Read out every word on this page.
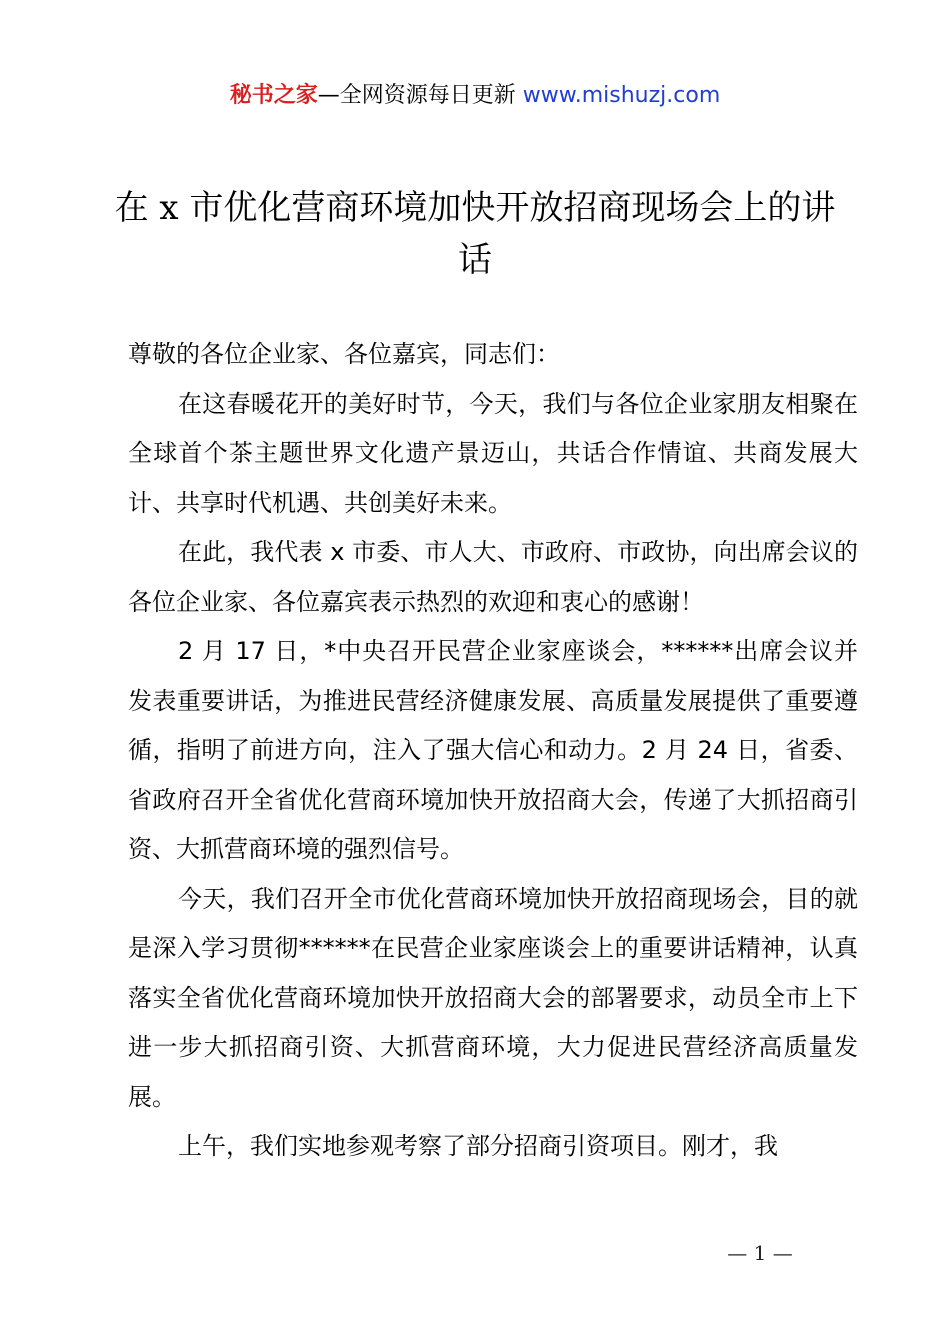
秘书之家—全网资源每日更新 www.mishuzj.com
在 x 市优化营商环境加快开放招商现场会上的讲话

尊敬的各位企业家、各位嘉宾，同志们：

在这春暖花开的美好时节，今天，我们与各位企业家朋友相聚在全球首个茶主题世界文化遗产景迈山，共话合作情谊、共商发展大计、共享时代机遇、共创美好未来。

在此，我代表 x 市委、市人大、市政府、市政协，向出席会议的各位企业家、各位嘉宾表示热烈的欢迎和衷心的感谢！

2 月 17 日，*中央召开民营企业家座谈会，******出席会议并发表重要讲话，为推进民营经济健康发展、高质量发展提供了重要遵循，指明了前进方向，注入了强大信心和动力。2 月 24 日，省委、省政府召开全省优化营商环境加快开放招商大会，传递了大抓招商引资、大抓营商环境的强烈信号。

今天，我们召开全市优化营商环境加快开放招商现场会，目的就是深入学习贯彻******在民营企业家座谈会上的重要讲话精神，认真落实全省优化营商环境加快开放招商大会的部署要求，动员全市上下进一步大抓招商引资、大抓营商环境，大力促进民营经济高质量发展。

上午，我们实地参观考察了部分招商引资项目。刚才，我

— 1 —
